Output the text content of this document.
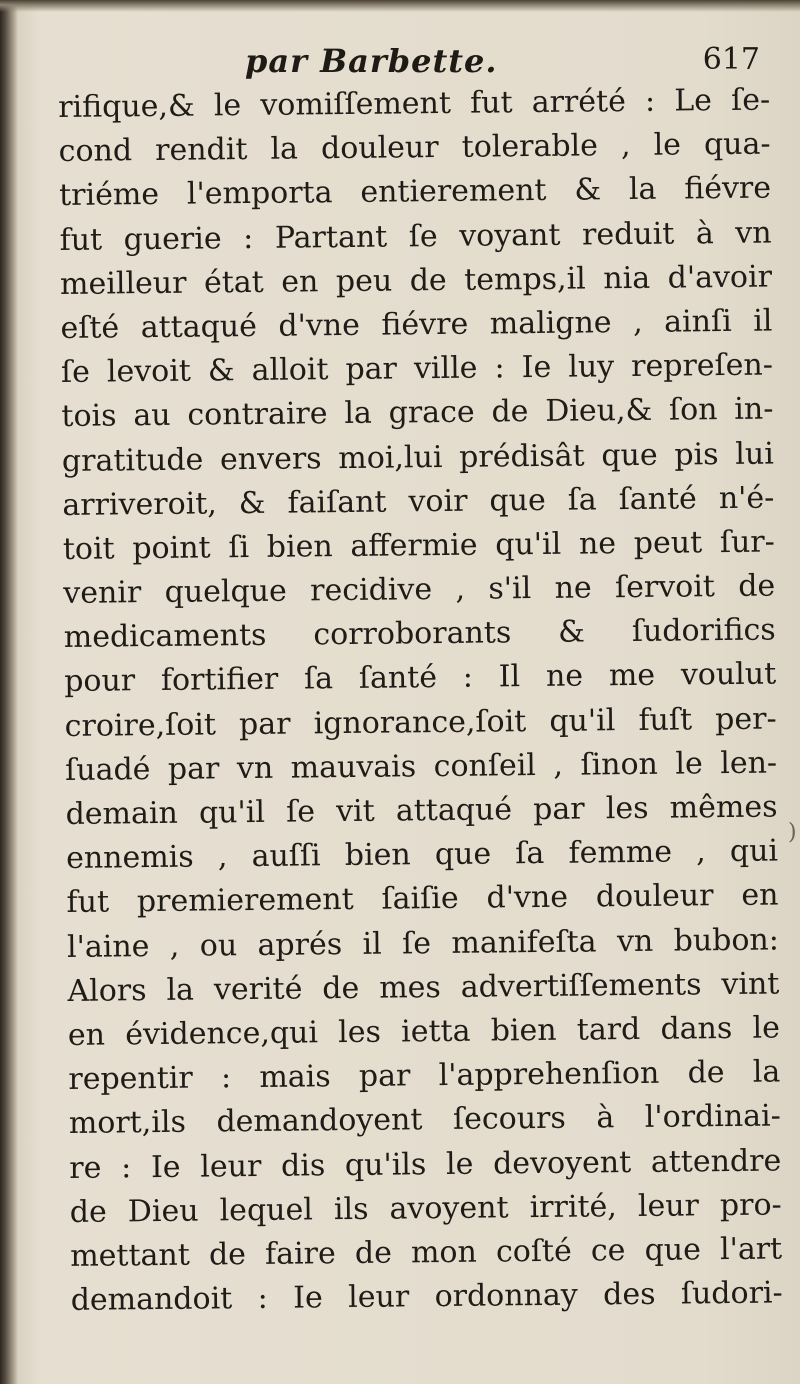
par Barbette.	617
rifique,& le vomiſſement fut arrété : Le ſe-
cond rendit la douleur tolerable , le qua-
triéme l'emporta entierement & la fiévre
fut guerie : Partant ſe voyant reduit à vn
meilleur état en peu de temps,il nia d'avoir
eſté attaqué d'vne fiévre maligne , ainſi il
ſe levoit & alloit par ville : Ie luy repreſen-
tois au contraire la grace de Dieu,& ſon in-
gratitude envers moi,lui prédisât que pis lui
arriveroit, & faiſant voir que ſa ſanté n'é-
toit point ſi bien affermie qu'il ne peut ſur-
venir quelque recidive , s'il ne ſervoit de
medicaments corroborants & ſudorifics
pour fortifier ſa ſanté : Il ne me voulut
croire,ſoit par ignorance,ſoit qu'il fuſt per-
ſuadé par vn mauvais conſeil , ſinon le len-
demain qu'il ſe vit attaqué par les mêmes
ennemis , auſſi bien que ſa femme , qui
fut premierement ſaiſie d'vne douleur en
l'aine , ou aprés il ſe manifeſta vn bubon:
Alors la verité de mes advertiſſements vint
en évidence,qui les ietta bien tard dans le
repentir : mais par l'apprehenſion de la
mort,ils demandoyent ſecours à l'ordinai-
re : Ie leur dis qu'ils le devoyent attendre
de Dieu lequel ils avoyent irrité, leur pro-
mettant de faire de mon coſté ce que l'art
demandoit : Ie leur ordonnay des ſudori-
)
